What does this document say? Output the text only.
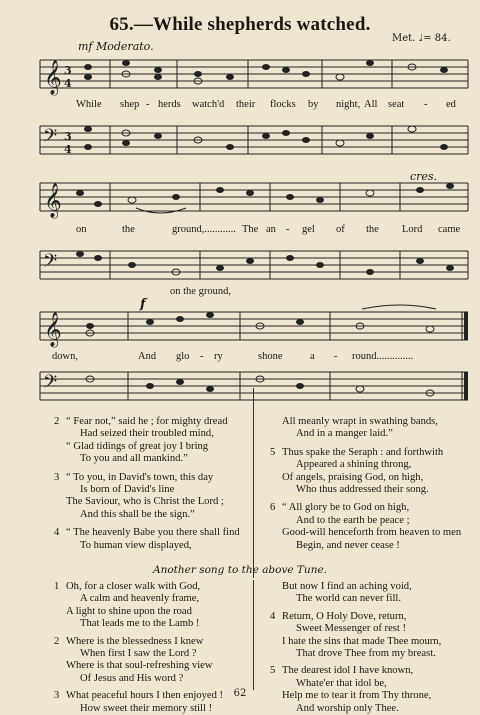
65.—While shepherds watched.
mf Moderato.
Met. ♩= 84.
cres.
f
𝄞 3
4
While shep - herds watch'd their flocks by night, All seat - ed
𝄢 3
4
𝄞
on	the	ground,............ The an - gel of the Lord came
𝄢
on the ground,
𝄞
down,	And glo - ry	shone	a - round..............
𝄢
2 “ Fear not,” said he ; for mighty dread

Had seized their troubled mind,

“ Glad tidings of great joy I bring

To you and all mankind.”

3 “ To you, in David's town, this day

Is born of David's line

The Saviour, who is Christ the Lord ;

And this shall be the sign.”

4 “ The heavenly Babe you there shall find

To human view displayed,

All meanly wrapt in swathing bands,

And in a manger laid.”

5 Thus spake the Seraph : and forthwith

Appeared a shining throng,

Of angels, praising God, on high,

Who thus addressed their song.

6 “ All glory be to God on high,

And to the earth be peace ;

Good-will henceforth from heaven to men

Begin, and never cease !

Another song to the above Tune.
1 Oh, for a closer walk with God,

A calm and heavenly frame,

A light to shine upon the road

That leads me to the Lamb !

2 Where is the blessedness I knew

When first I saw the Lord ?

Where is that soul-refreshing view

Of Jesus and His word ?

3 What peaceful hours I then enjoyed !

How sweet their memory still !

But now I find an aching void,

The world can never fill.

4 Return, O Holy Dove, return,

Sweet Messenger of rest !

I hate the sins that made Thee mourn,

That drove Thee from my breast.

5 The dearest idol I have known,

Whate'er that idol be,

Help me to tear it from Thy throne,

And worship only Thee.

62
